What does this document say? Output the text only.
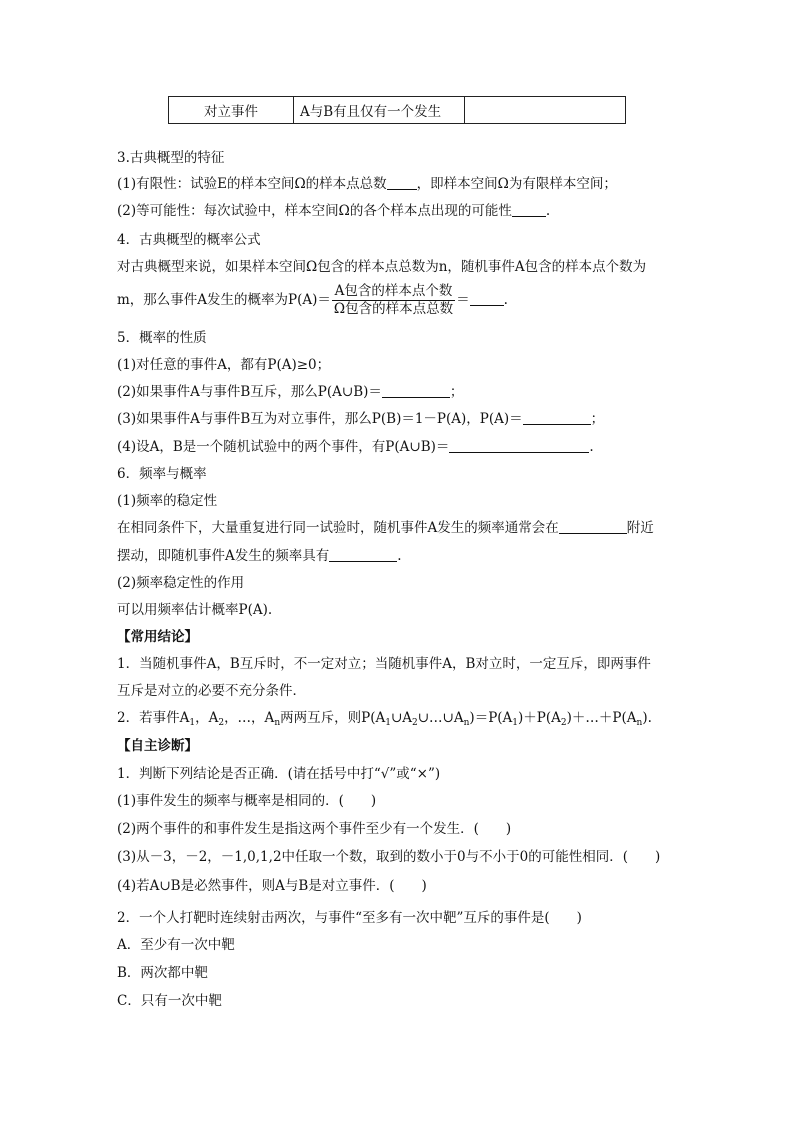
对立事件	A与B有且仅有一个发生	
3.古典概型的特征
(1)有限性：试验E的样本空间Ω的样本点总数 ，即样本空间Ω为有限样本空间；
(2)等可能性：每次试验中，样本空间Ω的各个样本点出现的可能性	.
4．古典概型的概率公式
对古典概型来说，如果样本空间Ω包含的样本点总数为n，随机事件A包含的样本点个数为
m，那么事件A发生的概率为$P(A)= \frac{\text{A包含的样本点个数}}{\text{Ω包含的样本点总数}}$ ＝	.
5．概率的性质
(1)对任意的事件A，都有P(A)≥0；
(2)如果事件A与事件B互斥，那么P(A∪B)＝	；
(3)如果事件A与事件B互为对立事件，那么P(B)＝1－P(A)，P(A)＝	；
(4)设A，B是一个随机试验中的两个事件，有P(A∪B)＝	.
6．频率与概率
(1)频率的稳定性
在相同条件下，大量重复进行同一试验时，随机事件A发生的频率通常会在	附近
摆动，即随机事件A发生的频率具有	.
(2)频率稳定性的作用
可以用频率估计概率P(A).
【常用结论】
1．当随机事件A，B互斥时，不一定对立；当随机事件A，B对立时，一定互斥，即两事件
互斥是对立的必要不充分条件．
2．若事件$A_1$，$A_2$，…，$A_n$两两互斥，则$P(A_1\cup A_2\cup\dots\cup A_n)=P(A_1)+P(A_2)+\dots+P(A_n)$.
【自主诊断】
1．判断下列结论是否正确．(请在括号中打“√”或“×”)
(1)事件发生的频率与概率是相同的．(　　)
(2)两个事件的和事件发生是指这两个事件至少有一个发生．(　　)
(3)从－3，－2，－1,0,1,2中任取一个数，取到的数小于0与不小于0的可能性相同．(　　)
(4)若A∪B是必然事件，则A与B是对立事件．(　　)
2．一个人打靶时连续射击两次，与事件“至多有一次中靶”互斥的事件是(　　)
A．至少有一次中靶
B．两次都中靶
C．只有一次中靶
